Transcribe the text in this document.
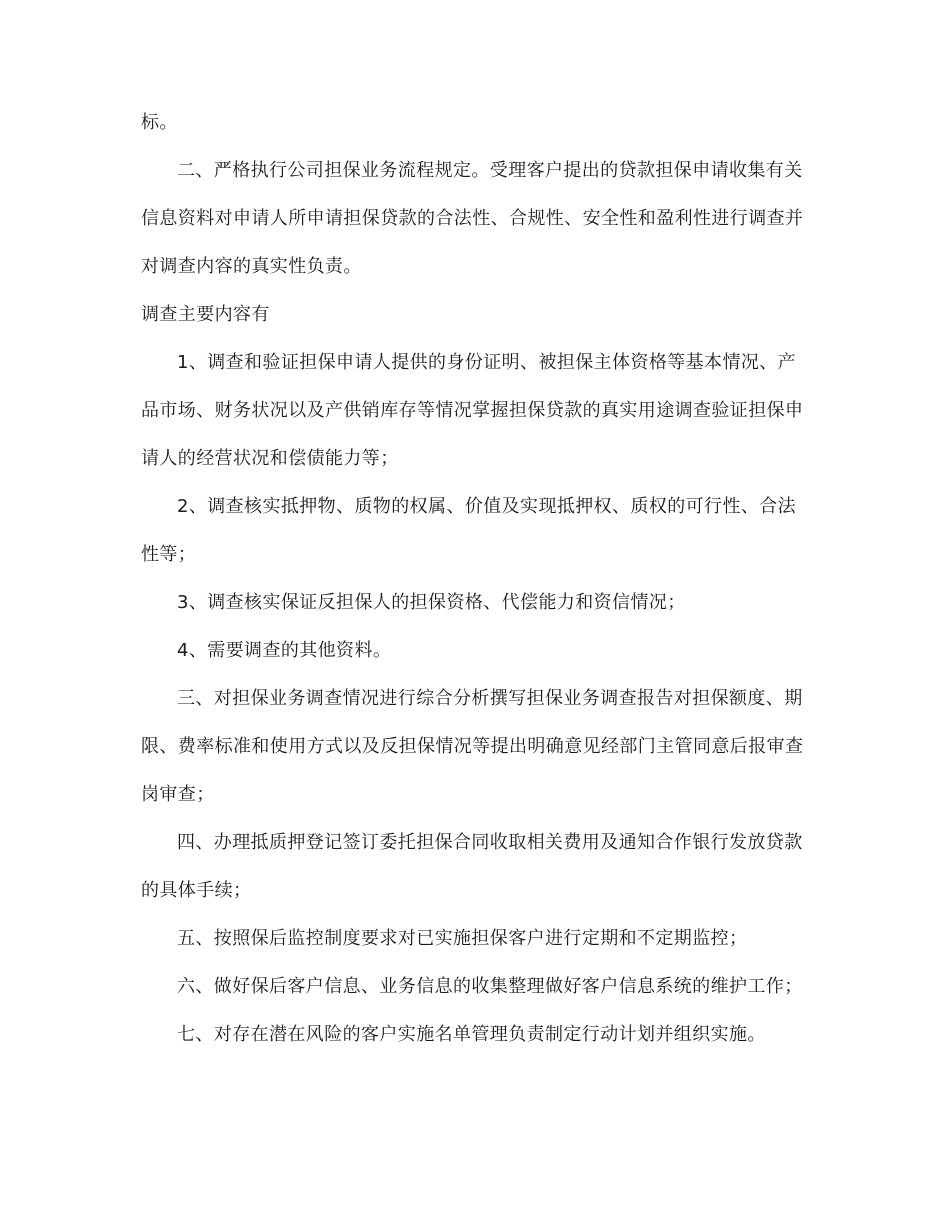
标。
二、严格执行公司担保业务流程规定。受理客户提出的贷款担保申请收集有关
信息资料对申请人所申请担保贷款的合法性、合规性、安全性和盈利性进行调查并
对调查内容的真实性负责。
调查主要内容有
1、调查和验证担保申请人提供的身份证明、被担保主体资格等基本情况、产
品市场、财务状况以及产供销库存等情况掌握担保贷款的真实用途调查验证担保申
请人的经营状况和偿债能力等；
2、调查核实抵押物、质物的权属、价值及实现抵押权、质权的可行性、合法
性等；
3、调查核实保证反担保人的担保资格、代偿能力和资信情况；
4、需要调查的其他资料。
三、对担保业务调查情况进行综合分析撰写担保业务调查报告对担保额度、期
限、费率标准和使用方式以及反担保情况等提出明确意见经部门主管同意后报审查
岗审查；
四、办理抵质押登记签订委托担保合同收取相关费用及通知合作银行发放贷款
的具体手续；
五、按照保后监控制度要求对已实施担保客户进行定期和不定期监控；
六、做好保后客户信息、业务信息的收集整理做好客户信息系统的维护工作；
七、对存在潜在风险的客户实施名单管理负责制定行动计划并组织实施。
